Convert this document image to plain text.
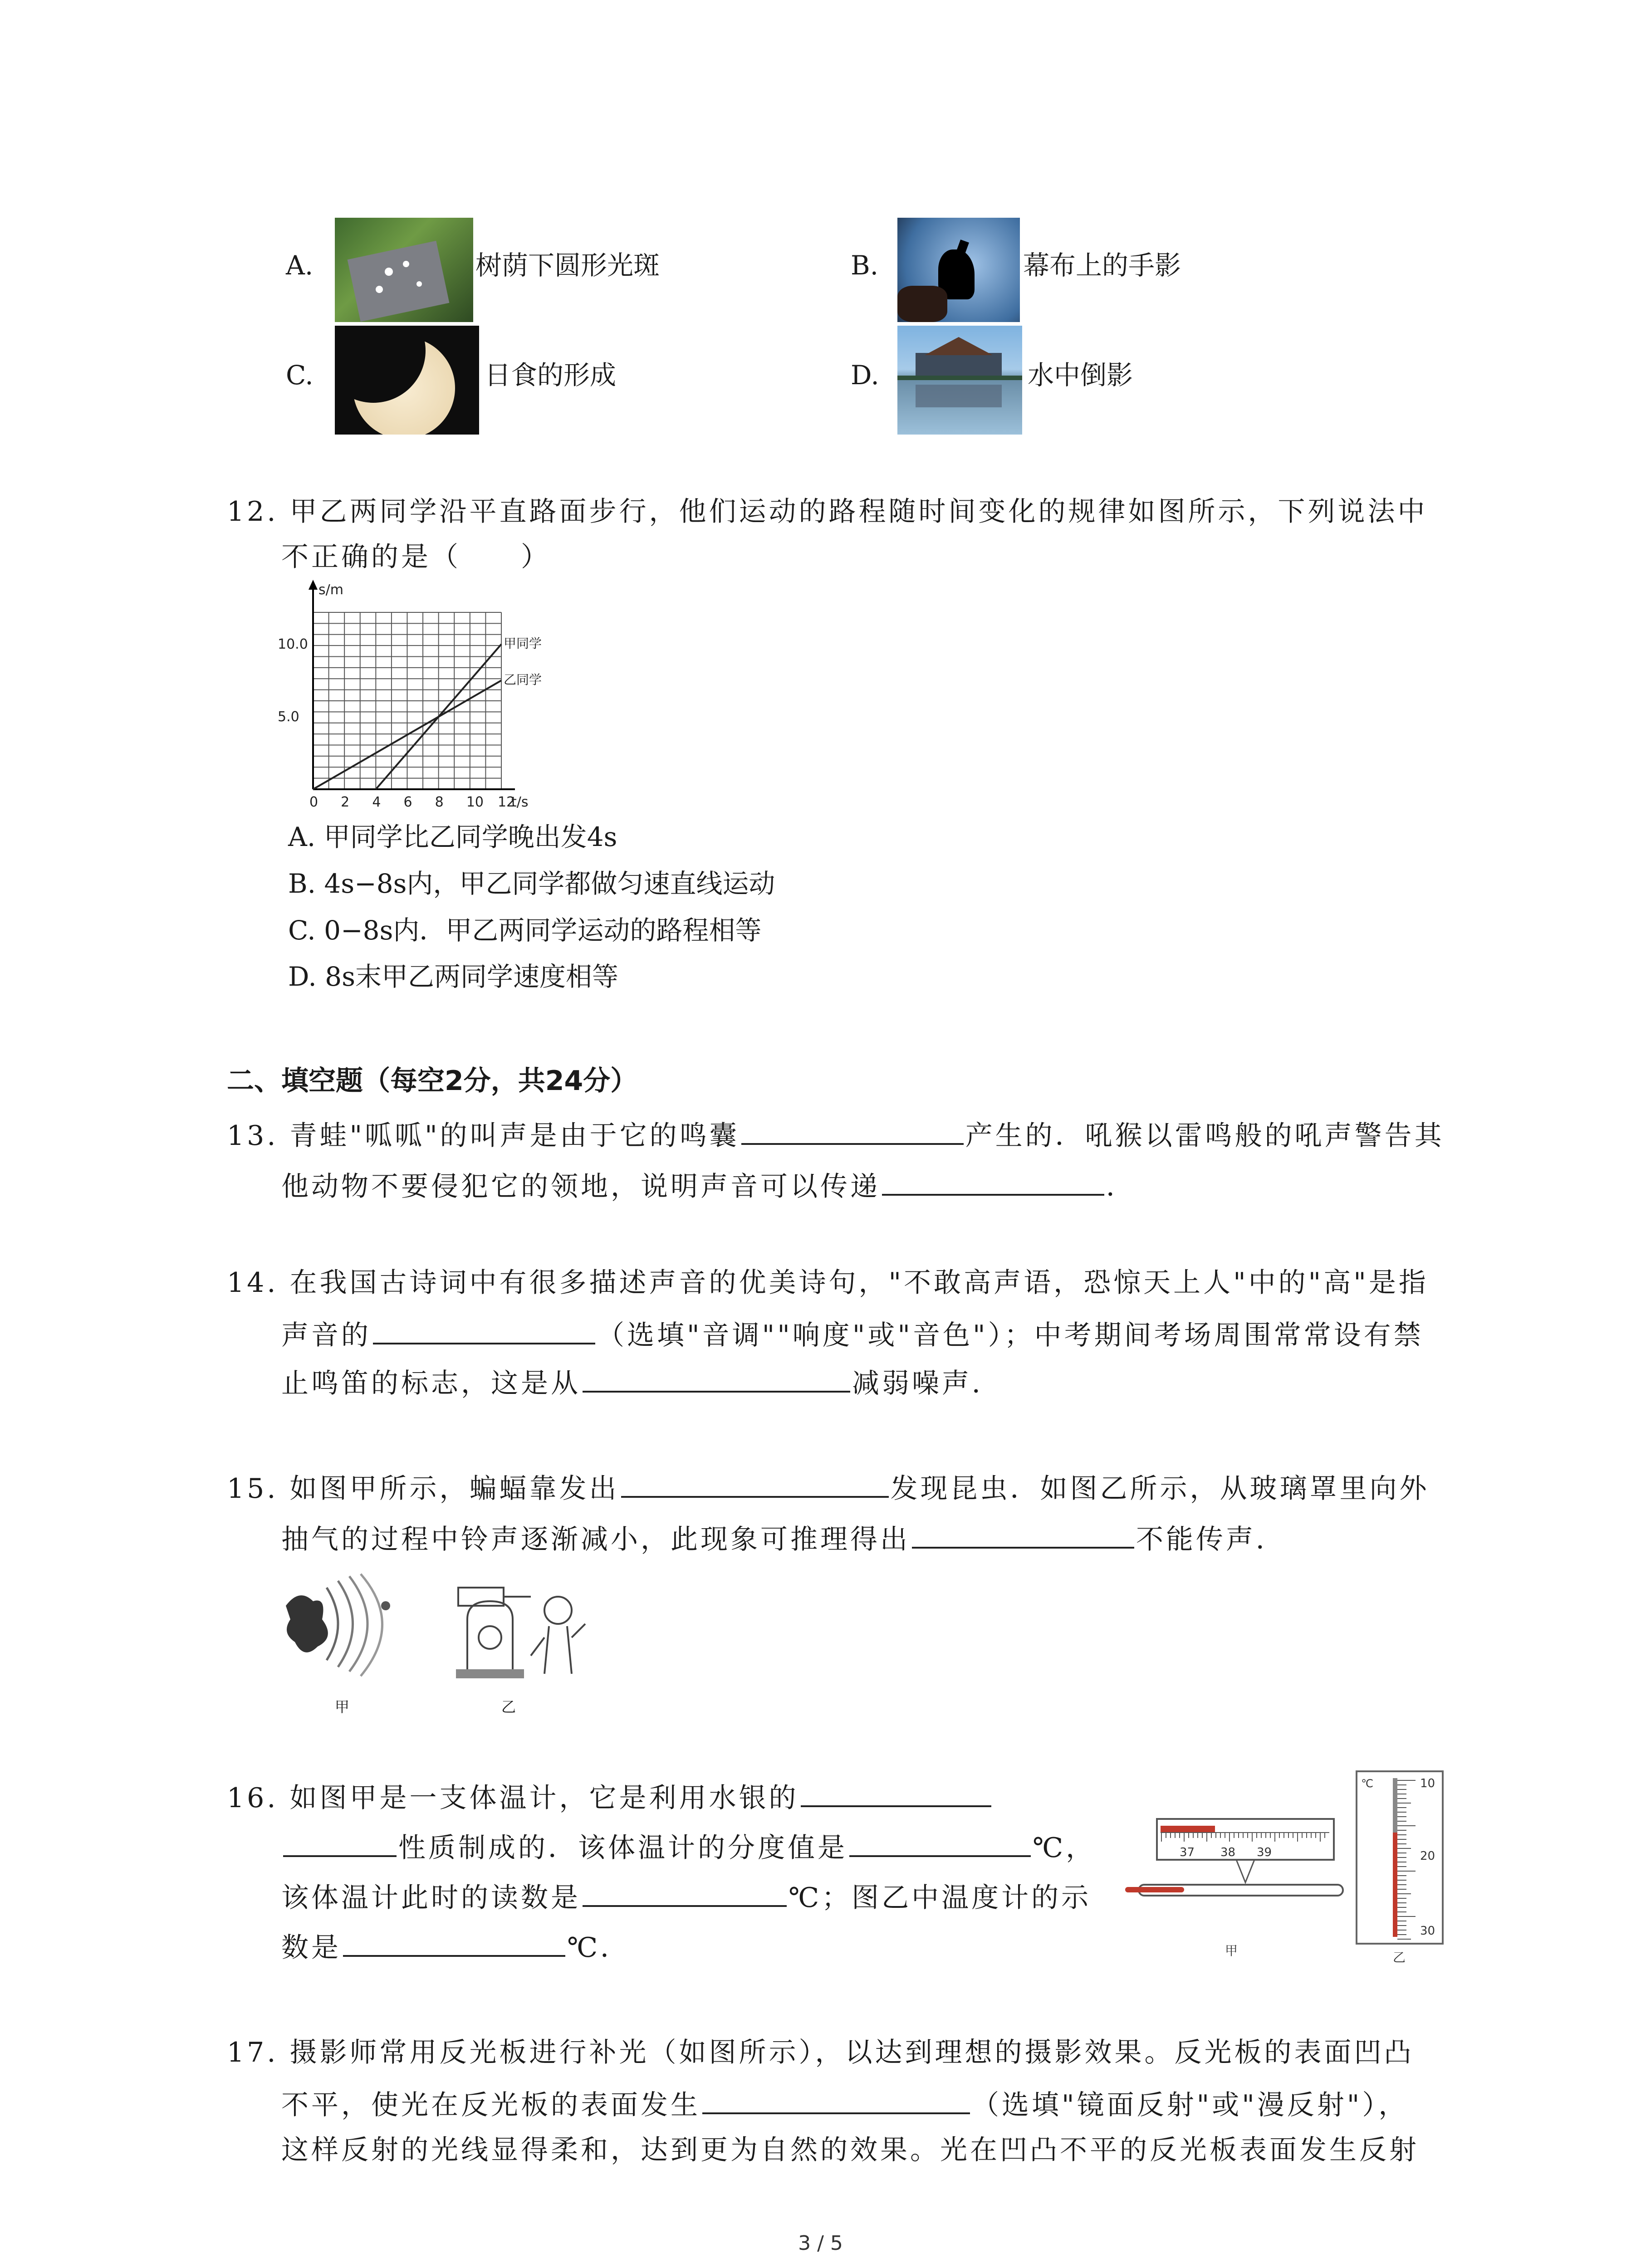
A.	树荫下圆形光斑	B.	幕布上的手影
C.	日食的形成	D.	水中倒影
12. 甲乙两同学沿平直路面步行，他们运动的路程随时间变化的规律如图所示，下列说法中
不正确的是（　　）
0 2 4 6 8 10 12
t/s
5.0
10.0
s/m
甲同学
乙同学
A. 甲同学比乙同学晚出发4s
B. 4s−8s内，甲乙同学都做匀速直线运动
C. 0−8s内．甲乙两同学运动的路程相等
D. 8s末甲乙两同学速度相等
二、填空题（每空2分，共24分）
13. 青蛙"呱呱"的叫声是由于它的鸣囊	产生的．吼猴以雷鸣般的吼声警告其
他动物不要侵犯它的领地，说明声音可以传递	．
14. 在我国古诗词中有很多描述声音的优美诗句，"不敢高声语，恐惊天上人"中的"高"是指
声音的	（选填"音调""响度"或"音色"）；中考期间考场周围常常设有禁
止鸣笛的标志，这是从	减弱噪声．
15. 如图甲所示，蝙蝠靠发出	发现昆虫．如图乙所示，从玻璃罩里向外
抽气的过程中铃声逐渐减小，此现象可推理得出	不能传声．
甲	乙
16. 如图甲是一支体温计，它是利用水银的
性质制成的．该体温计的分度值是	℃，
该体温计此时的读数是	℃；图乙中温度计的示
数是	℃．
37 38 39
甲
℃	10
20
30
乙
17. 摄影师常用反光板进行补光（如图所示），以达到理想的摄影效果。反光板的表面凹凸
不平，使光在反光板的表面发生	（选填"镜面反射"或"漫反射"），
这样反射的光线显得柔和，达到更为自然的效果。光在凹凸不平的反光板表面发生反射
3 / 5
